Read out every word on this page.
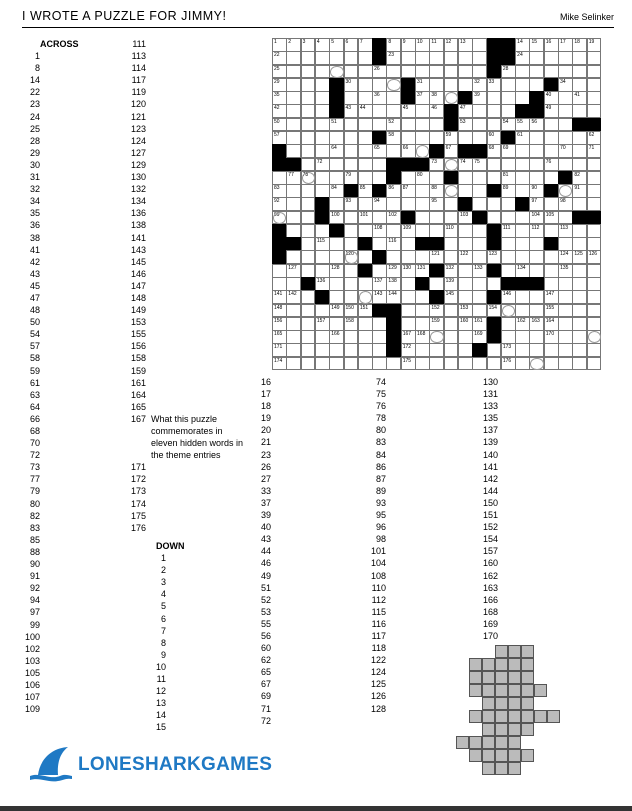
I WROTE A PUZZLE FOR JIMMY!	Mike Selinker
ACROSS
1
8
14
22
23
24
25
28
29
30
31
32
34
35
36
38
41
42
43
45
47
48
50
54
57
58
59
61
63
64
66
68
70
72
73
77
79
80
82
83
85
88
90
91
92
94
97
99
100
102
103
105
106
107
109
111
113
114
117
119
120
121
123
124
127
129
130
132
134
136
138
141
143
145
146
147
148
149
153
155
156
158
159
161
164
165
167 What this puzzle commemorates in eleven hidden words in the theme entries
171
172
173
174
175
176
DOWN
1
2
3
4
5
6
7
8
9
10
11
12
13
14
15
16
17
18
19
20
21
23
26
27
33
37
39
40
43
44
46
49
51
52
53
55
56
60
62
65
67
69
71
72
74
75
76
78
80
83
84
86
87
89
93
95
96
98
101
104
108
110
112
115
116
117
118
122
124
125
126
128
130
131
133
135
137
139
140
141
142
144
150
151
152
154
157
160
162
163
166
168
169
170
1 2 3 4 5 6 7	8 9 10 11 12 13	14 15 16 17 18 19
22	23	24
25	26	28
29	30	31	32 33	34
35	36	37 38	39	40	41
42	43 44	45	46	47	49
50	51	52	53	54 55 56
57	58	59	60	61	62
64	65	66	67	68 69	70	71
72	73	74 75	76
77 78	79	80	81	82
83	84	85	86 87	88	89	90	91
92	93	94	95	97	98
99	100	101	102	103	104 105
108	109	110	111	112	113
115	116
120	121	122	123	124 125 126
127	128	129 130 131	132	133	134	135
136	137 138	139
141 142	143 144	145	146	147
148	149 150 151	152	153	154	155
156	157	158	159	160 161	162 163 164
165	166	167 168	169	170
171	172	173
174	175	176
LONESHARKGAMES
